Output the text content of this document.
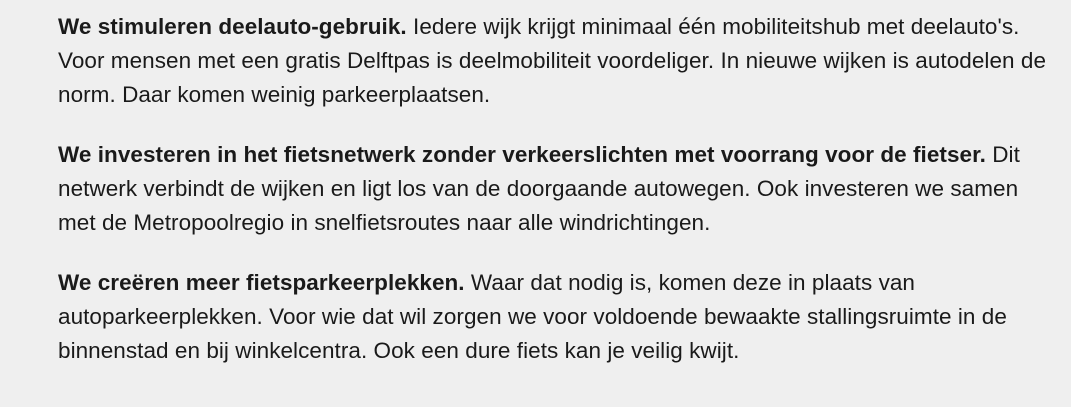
We stimuleren deelauto-gebruik. Iedere wijk krijgt minimaal één mobiliteitshub met deelauto's. Voor mensen met een gratis Delftpas is deelmobiliteit voordeliger. In nieuwe wijken is autodelen de norm. Daar komen weinig parkeerplaatsen.

We investeren in het fietsnetwerk zonder verkeerslichten met voorrang voor de fietser. Dit netwerk verbindt de wijken en ligt los van de doorgaande autowegen. Ook investeren we samen met de Metropoolregio in snelfietsroutes naar alle windrichtingen.

We creëren meer fietsparkeerplekken. Waar dat nodig is, komen deze in plaats van autoparkeerplekken. Voor wie dat wil zorgen we voor voldoende bewaakte stallingsruimte in de binnenstad en bij winkelcentra. Ook een dure fiets kan je veilig kwijt.
